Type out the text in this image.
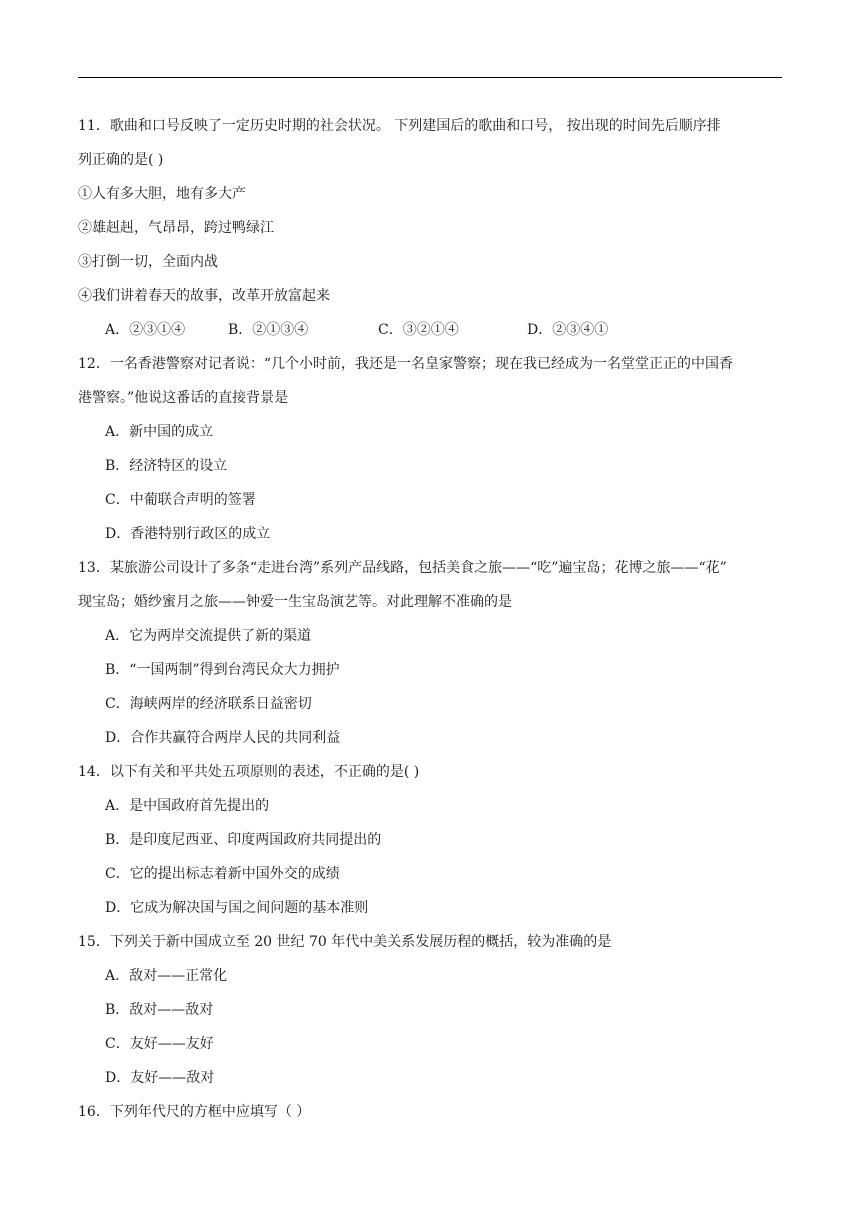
11．歌曲和口号反映了一定历史时期的社会状况。 下列建国后的歌曲和口号， 按出现的时间先后顺序排
列正确的是( )
①人有多大胆，地有多大产
②雄赳赳，气昂昂，跨过鸭绿江
③打倒一切，全面内战
④我们讲着春天的故事，改革开放富起来
A．②③①④	B．②①③④	C．③②①④	D．②③④①
12．一名香港警察对记者说：“几个小时前，我还是一名皇家警察；现在我已经成为一名堂堂正正的中国香
港警察。”他说这番话的直接背景是
A．新中国的成立
B．经济特区的设立
C．中葡联合声明的签署
D．香港特别行政区的成立
13．某旅游公司设计了多条“走进台湾”系列产品线路，包括美食之旅——“吃”遍宝岛；花博之旅——“花”
现宝岛；婚纱蜜月之旅——钟爱一生宝岛演艺等。对此理解不准确的是
A．它为两岸交流提供了新的渠道
B．“一国两制”得到台湾民众大力拥护
C．海峡两岸的经济联系日益密切
D．合作共赢符合两岸人民的共同利益
14．以下有关和平共处五项原则的表述，不正确的是( )
A．是中国政府首先提出的
B．是印度尼西亚、印度两国政府共同提出的
C．它的提出标志着新中国外交的成绩
D．它成为解决国与国之间问题的基本准则
15．下列关于新中国成立至 20 世纪 70 年代中美关系发展历程的概括，较为准确的是
A．敌对——正常化
B．敌对——敌对
C．友好——友好
D．友好——敌对
16．下列年代尺的方框中应填写（ ）
